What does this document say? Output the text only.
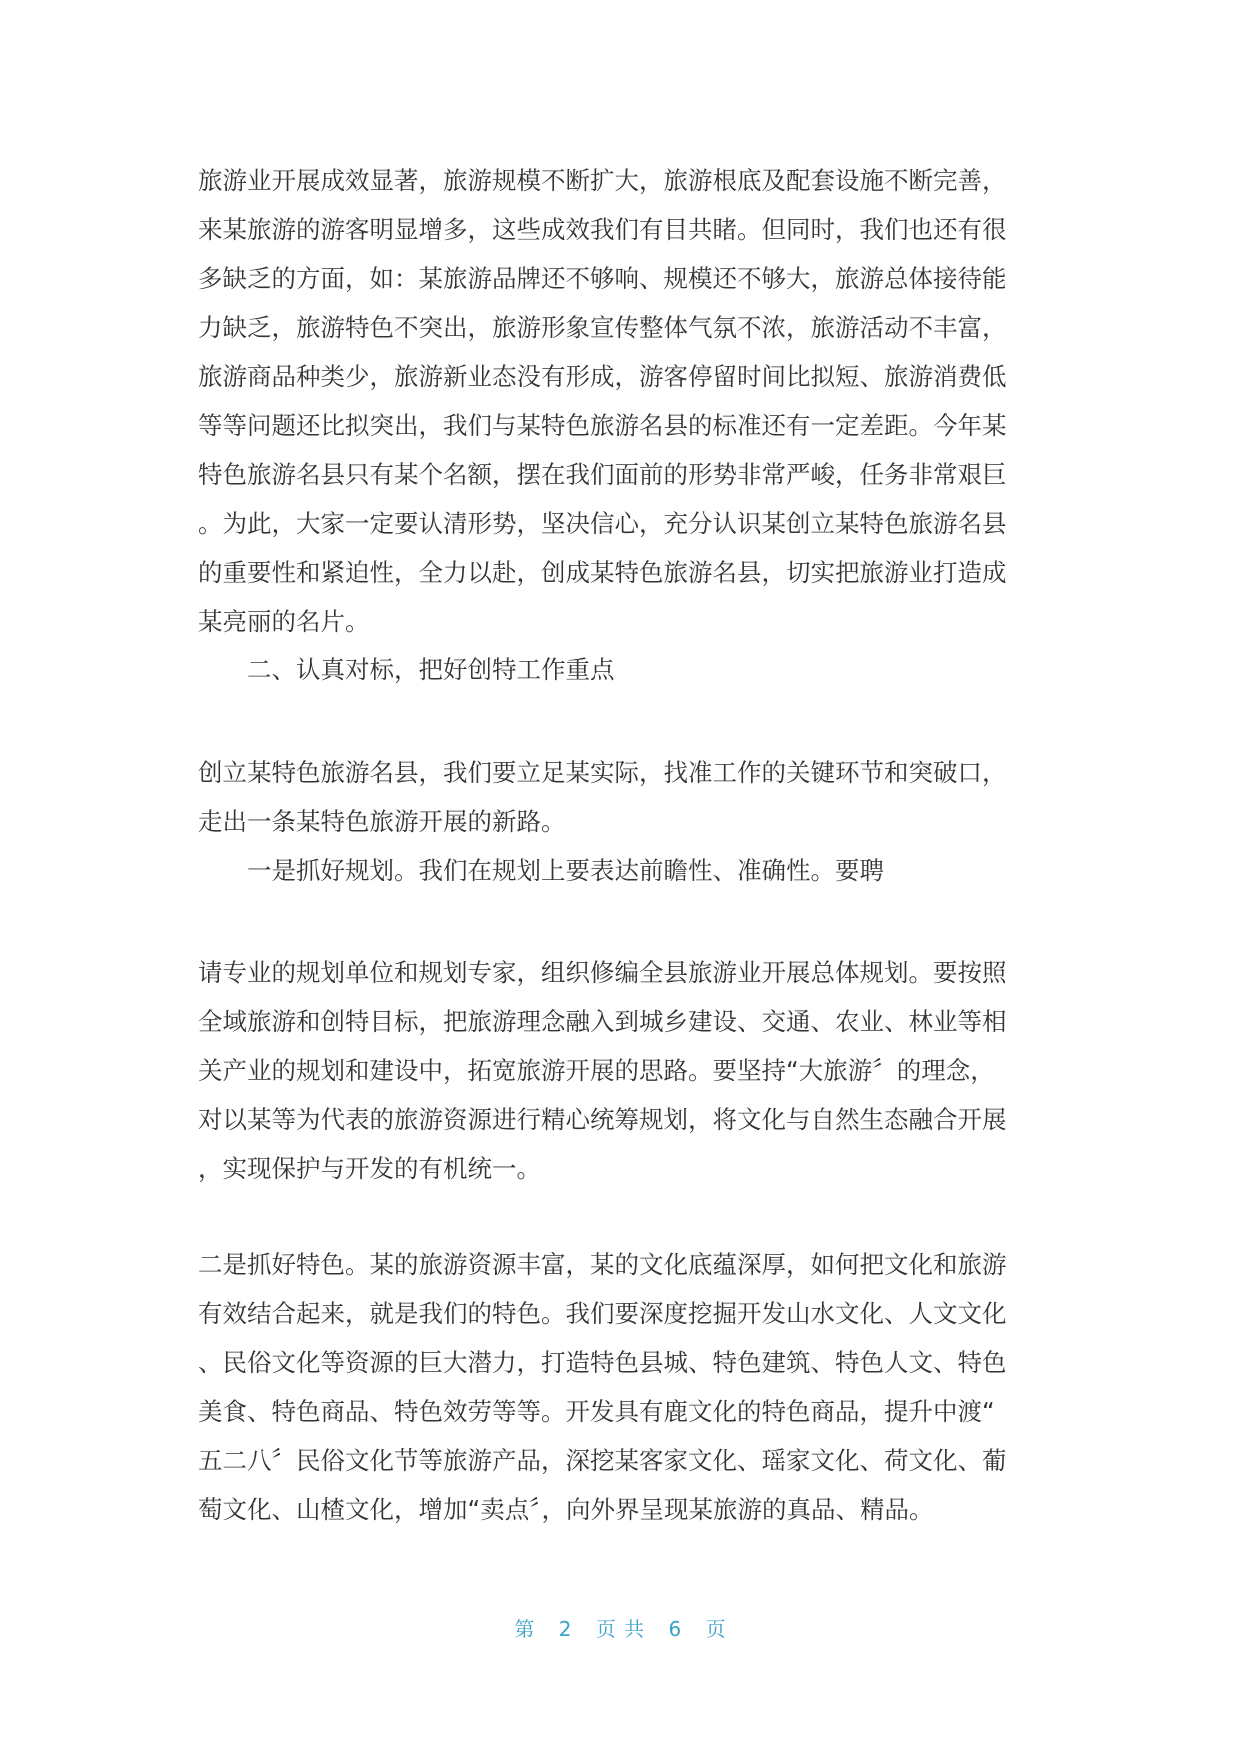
旅游业开展成效显著，旅游规模不断扩大，旅游根底及配套设施不断完善，
来某旅游的游客明显增多，这些成效我们有目共睹。但同时，我们也还有很
多缺乏的方面，如：某旅游品牌还不够响、规模还不够大，旅游总体接待能
力缺乏，旅游特色不突出，旅游形象宣传整体气氛不浓，旅游活动不丰富，
旅游商品种类少，旅游新业态没有形成，游客停留时间比拟短、旅游消费低
等等问题还比拟突出，我们与某特色旅游名县的标准还有一定差距。今年某
特色旅游名县只有某个名额，摆在我们面前的形势非常严峻，任务非常艰巨
。为此，大家一定要认清形势，坚决信心，充分认识某创立某特色旅游名县
的重要性和紧迫性，全力以赴，创成某特色旅游名县，切实把旅游业打造成
某亮丽的名片。
二、认真对标，把好创特工作重点
创立某特色旅游名县，我们要立足某实际，找准工作的关键环节和突破口，
走出一条某特色旅游开展的新路。
一是抓好规划。我们在规划上要表达前瞻性、准确性。要聘
请专业的规划单位和规划专家，组织修编全县旅游业开展总体规划。要按照
全域旅游和创特目标，把旅游理念融入到城乡建设、交通、农业、林业等相
关产业的规划和建设中，拓宽旅游开展的思路。要坚持“大旅游〞的理念，
对以某等为代表的旅游资源进行精心统筹规划，将文化与自然生态融合开展
，实现保护与开发的有机统一。
二是抓好特色。某的旅游资源丰富，某的文化底蕴深厚，如何把文化和旅游
有效结合起来，就是我们的特色。我们要深度挖掘开发山水文化、人文文化
、民俗文化等资源的巨大潜力，打造特色县城、特色建筑、特色人文、特色
美食、特色商品、特色效劳等等。开发具有鹿文化的特色商品，提升中渡“
五二八〞民俗文化节等旅游产品，深挖某客家文化、瑶家文化、荷文化、葡
萄文化、山楂文化，增加“卖点〞，向外界呈现某旅游的真品、精品。
第 2 页 共 6 页
